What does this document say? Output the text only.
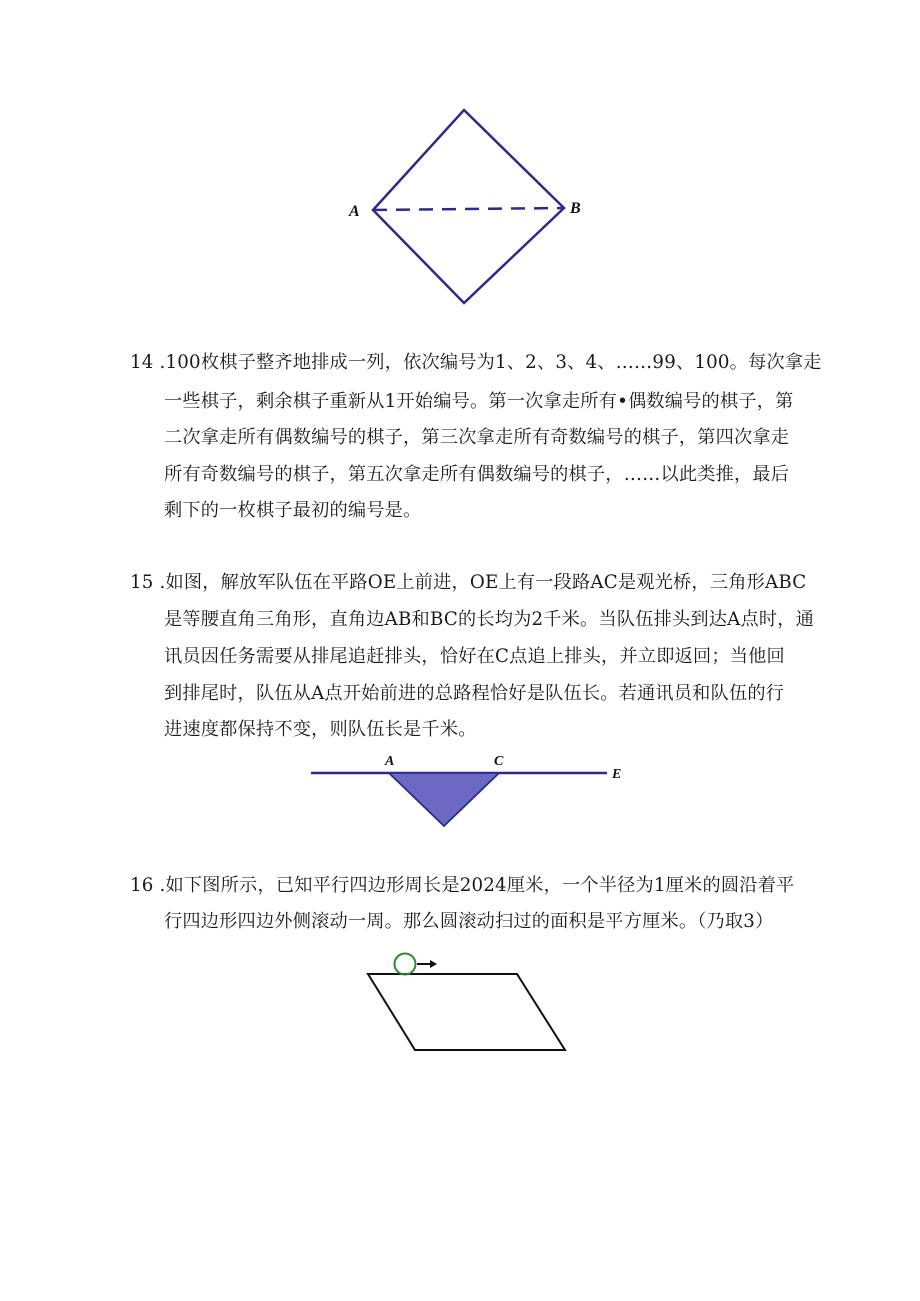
A	B
14 .100枚棋子整齐地排成一列，依次编号为1、2、3、4、……99、100。每次拿走
一些棋子，剩余棋子重新从1开始编号。第一次拿走所有•偶数编号的棋子，第
二次拿走所有偶数编号的棋子，第三次拿走所有奇数编号的棋子，第四次拿走
所有奇数编号的棋子，第五次拿走所有偶数编号的棋子，……以此类推，最后
剩下的一枚棋子最初的编号是。
15 .如图，解放军队伍在平路OE上前进，OE上有一段路AC是观光桥，三角形ABC
是等腰直角三角形，直角边AB和BC的长均为2千米。当队伍排头到达A点时，通
讯员因任务需要从排尾追赶排头，恰好在C点追上排头，并立即返回；当他回
到排尾时，队伍从A点开始前进的总路程恰好是队伍长。若通讯员和队伍的行
进速度都保持不变，则队伍长是千米。
A	C
E
16 .如下图所示，已知平行四边形周长是2024厘米，一个半径为1厘米的圆沿着平
行四边形四边外侧滚动一周。那么圆滚动扫过的面积是平方厘米。（乃取3）
